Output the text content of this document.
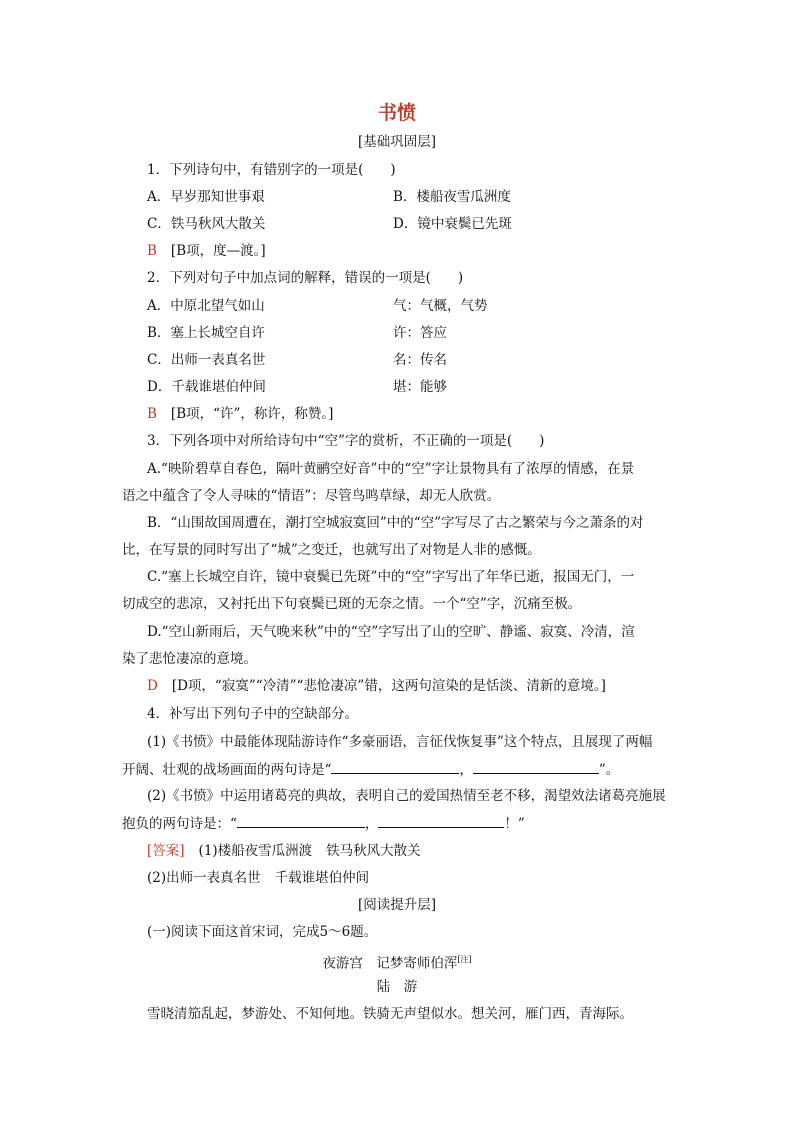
书愤
[基础巩固层]
1．下列诗句中，有错别字的一项是(　　)
A．早岁那知世事艰	B．楼船夜雪瓜洲度
C．铁马秋风大散关	D．镜中衰鬓已先斑
B [B项，度—渡。]
2．下列对句子中加点词的解释，错误的一项是(　　)
A．中原北望气如山	气：气概，气势
B．塞上长城空自许	许：答应
C．出师一表真名世	名：传名
D．千载谁堪伯仲间	堪：能够
B [B项，“许”，称许，称赞。]
3．下列各项中对所给诗句中“空”字的赏析，不正确的一项是(　　)
A.“映阶碧草自春色，隔叶黄鹂空好音”中的“空”字让景物具有了浓厚的情感，在景
语之中蕴含了令人寻味的“情语”：尽管鸟鸣草绿，却无人欣赏。
B．“山围故国周遭在，潮打空城寂寞回”中的“空”字写尽了古之繁荣与今之萧条的对
比，在写景的同时写出了“城”之变迁，也就写出了对物是人非的感慨。
C.“塞上长城空自许，镜中衰鬓已先斑”中的“空”字写出了年华已逝，报国无门，一
切成空的悲凉，又衬托出下句衰鬓已斑的无奈之情。一个“空”字，沉痛至极。
D.“空山新雨后，天气晚来秋”中的“空”字写出了山的空旷、静谧、寂寞、冷清，渲
染了悲怆凄凉的意境。
D [D项，“寂寞”“冷清”“悲怆凄凉”错，这两句渲染的是恬淡、清新的意境。]
4．补写出下列句子中的空缺部分。
(1)《书愤》中最能体现陆游诗作“多豪丽语，言征伐恢复事”这个特点，且展现了两幅
开阔、壮观的战场画面的两句诗是“	，	”。
(2)《书愤》中运用诸葛亮的典故，表明自己的爱国热情至老不移，渴望效法诸葛亮施展
抱负的两句诗是：“	，	！”
[答案] (1)楼船夜雪瓜洲渡 铁马秋风大散关
(2)出师一表真名世 千载谁堪伯仲间
[阅读提升层]
(一)阅读下面这首宋词，完成5～6题。
夜游宫　记梦寄师伯浑[注]
陆　游
雪晓清笳乱起，梦游处、不知何地。铁骑无声望似水。想关河，雁门西，青海际。
